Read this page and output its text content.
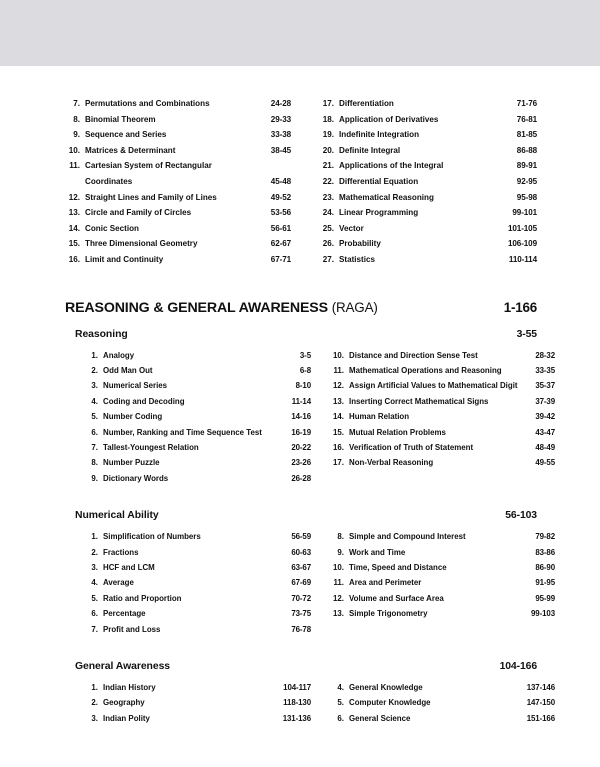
7. Permutations and Combinations	24-28
8. Binomial Theorem	29-33
9. Sequence and Series	33-38
10. Matrices & Determinant	38-45
11. Cartesian System of Rectangular
Coordinates	45-48
12. Straight Lines and Family of Lines	49-52
13. Circle and Family of Circles	53-56
14. Conic Section	56-61
15. Three Dimensional Geometry	62-67
16. Limit and Continuity	67-71
17. Differentiation	71-76
18. Application of Derivatives	76-81
19. Indefinite Integration	81-85
20. Definite Integral	86-88
21. Applications of the Integral	89-91
22. Differential Equation	92-95
23. Mathematical Reasoning	95-98
24. Linear Programming	99-101
25. Vector	101-105
26. Probability	106-109
27. Statistics	110-114
REASONING & GENERAL AWARENESS (RAGA)	1-166
Reasoning	3-55
1. Analogy	3-5
2. Odd Man Out	6-8
3. Numerical Series	8-10
4. Coding and Decoding	11-14
5. Number Coding	14-16
6. Number, Ranking and Time Sequence Test	16-19
7. Tallest-Youngest Relation	20-22
8. Number Puzzle	23-26
9. Dictionary Words	26-28
10. Distance and Direction Sense Test	28-32
11. Mathematical Operations and Reasoning	33-35
12. Assign Artificial Values to Mathematical Digit	35-37
13. Inserting Correct Mathematical Signs	37-39
14. Human Relation	39-42
15. Mutual Relation Problems	43-47
16. Verification of Truth of Statement	48-49
17. Non-Verbal Reasoning	49-55
Numerical Ability	56-103
1. Simplification of Numbers	56-59
2. Fractions	60-63
3. HCF and LCM	63-67
4. Average	67-69
5. Ratio and Proportion	70-72
6. Percentage	73-75
7. Profit and Loss	76-78
8. Simple and Compound Interest	79-82
9. Work and Time	83-86
10. Time, Speed and Distance	86-90
11. Area and Perimeter	91-95
12. Volume and Surface Area	95-99
13. Simple Trigonometry	99-103
General Awareness	104-166
1. Indian History	104-117
2. Geography	118-130
3. Indian Polity	131-136
4. General Knowledge	137-146
5. Computer Knowledge	147-150
6. General Science	151-166
